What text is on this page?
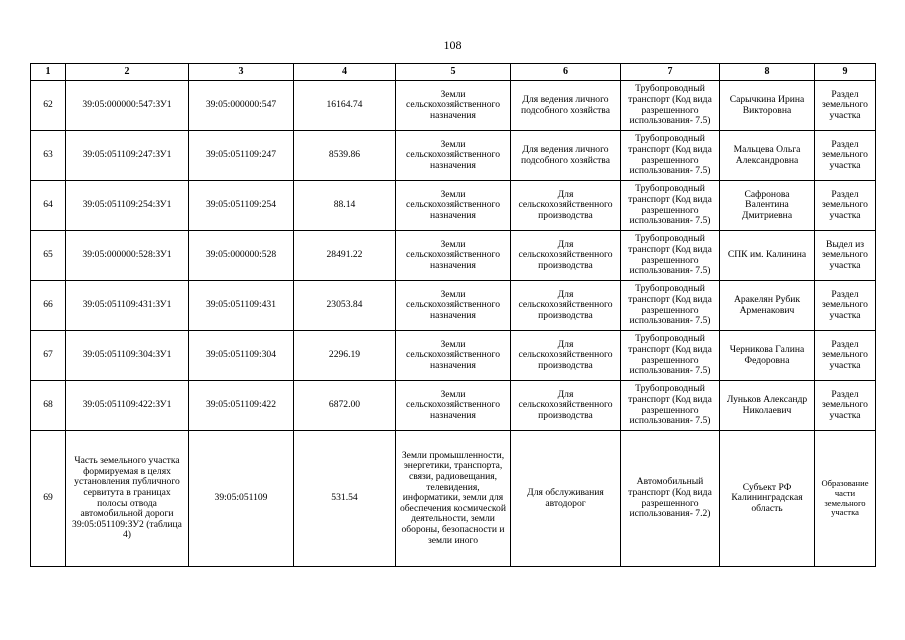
108
1	2	3	4	5	6	7	8	9
62	39:05:000000:547:ЗУ1	39:05:000000:547	16164.74	Земли сельскохозяйственного назначения	Для ведения личного подсобного хозяйства	Трубопроводный транспорт (Код вида разрешенного использования- 7.5)	Сарычкина Ирина Викторовна	Раздел земельного участка
63	39:05:051109:247:ЗУ1	39:05:051109:247	8539.86	Земли сельскохозяйственного назначения	Для ведения личного подсобного хозяйства	Трубопроводный транспорт (Код вида разрешенного использования- 7.5)	Мальцева Ольга Александровна	Раздел земельного участка
64	39:05:051109:254:ЗУ1	39:05:051109:254	88.14	Земли сельскохозяйственного назначения	Для сельскохозяйственного производства	Трубопроводный транспорт (Код вида разрешенного использования- 7.5)	Сафронова Валентина Дмитриевна	Раздел земельного участка
65	39:05:000000:528:ЗУ1	39:05:000000:528	28491.22	Земли сельскохозяйственного назначения	Для сельскохозяйственного производства	Трубопроводный транспорт (Код вида разрешенного использования- 7.5)	СПК им. Калинина	Выдел из земельного участка
66	39:05:051109:431:ЗУ1	39:05:051109:431	23053.84	Земли сельскохозяйственного назначения	Для сельскохозяйственного производства	Трубопроводный транспорт (Код вида разрешенного использования- 7.5)	Аракелян Рубик Арменакович	Раздел земельного участка
67	39:05:051109:304:ЗУ1	39:05:051109:304	2296.19	Земли сельскохозяйственного назначения	Для сельскохозяйственного производства	Трубопроводный транспорт (Код вида разрешенного использования- 7.5)	Черникова Галина Федоровна	Раздел земельного участка
68	39:05:051109:422:ЗУ1	39:05:051109:422	6872.00	Земли сельскохозяйственного назначения	Для сельскохозяйственного производства	Трубопроводный транспорт (Код вида разрешенного использования- 7.5)	Луньков Александр Николаевич	Раздел земельного участка
69	Часть земельного участка формируемая в целях установления публичного сервитута в границах полосы отвода автомобильной дороги 39:05:051109:ЗУ2 (таблица 4)	39:05:051109	531.54	Земли промышленности, энергетики, транспорта, связи, радиовещания, телевидения, информатики, земли для обеспечения космической деятельности, земли обороны, безопасности и земли иного	Для обслуживания автодорог	Автомобильный транспорт (Код вида разрешенного использования- 7.2)	Субъект РФ Калининградская область	Образование части земельного участка
